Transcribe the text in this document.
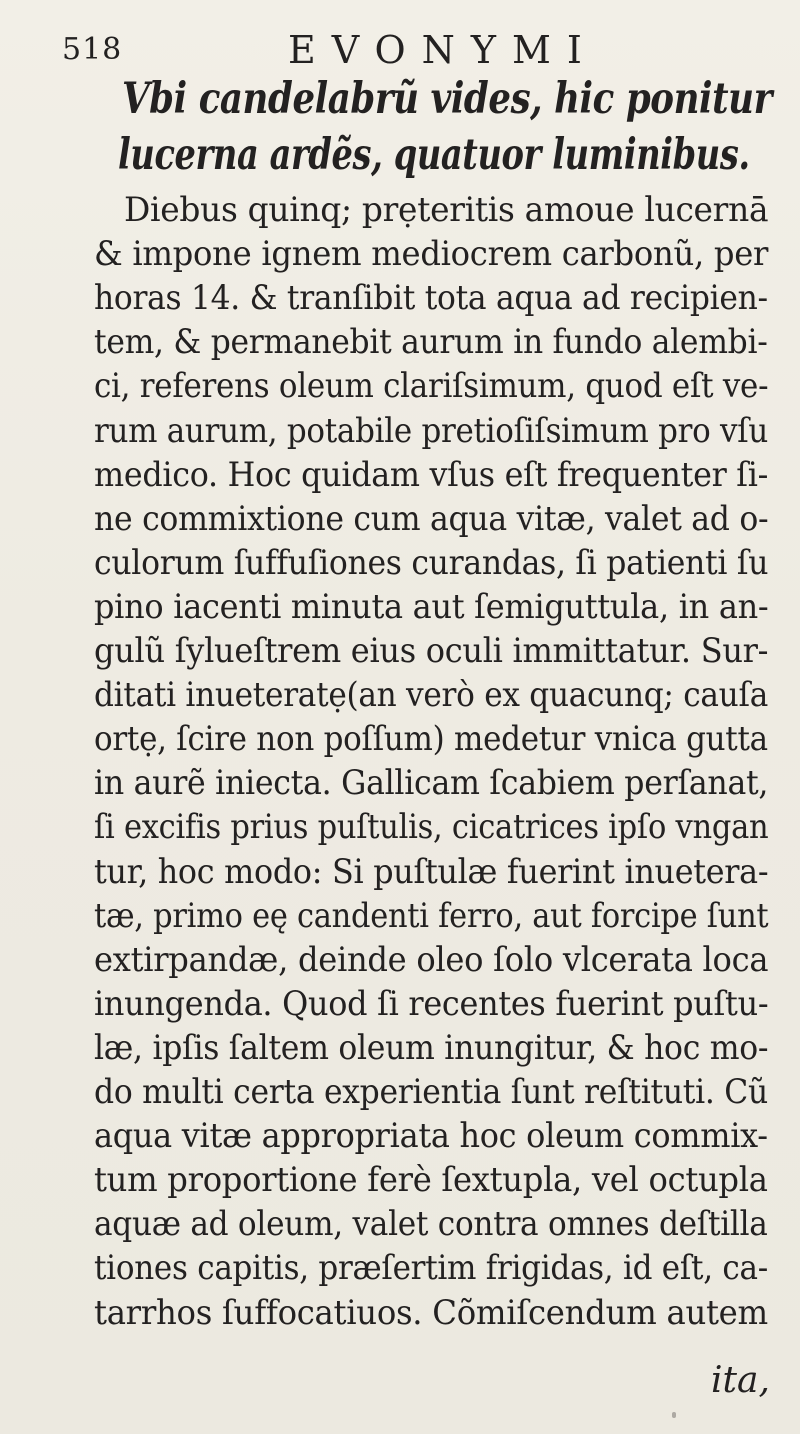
518	EVONYMI
Vbi candelabrũ vides, hic ponitur
lucerna ardẽs, quatuor luminibus.
Diebus quinq; prẹteritis amoue lucernā
& impone ignem mediocrem carbonũ, per
horas 14. & tranſibit tota aqua ad recipien-
tem, & permanebit aurum in fundo alembi-
ci, referens oleum clariſsimum, quod eſt ve-
rum aurum, potabile pretioſiſsimum pro vſu
medico. Hoc quidam vſus eſt frequenter ſi-
ne commixtione cum aqua vitæ, valet ad o-
culorum ſuffuſiones curandas, ſi patienti ſu
pino iacenti minuta aut ſemiguttula, in an-
gulũ ſylueſtrem eius oculi immittatur. Sur-
ditati inueteratẹ(an verò ex quacunq; cauſa
ortẹ, ſcire non poſſum) medetur vnica gutta
in aurẽ iniecta. Gallicam ſcabiem perſanat,
ſi excifis prius puſtulis, cicatrices ipſo vngan
tur, hoc modo: Si puſtulæ fuerint inuetera-
tæ, primo eę candenti ferro, aut forcipe ſunt
extirpandæ, deinde oleo ſolo vlcerata loca
inungenda. Quod ſi recentes fuerint puſtu-
læ, ipſis ſaltem oleum inungitur, & hoc mo-
do multi certa experientia ſunt reſtituti. Cũ
aqua vitæ appropriata hoc oleum commix-
tum proportione ferè ſextupla, vel octupla
aquæ ad oleum, valet contra omnes deſtilla
tiones capitis, præſertim frigidas, id eſt, ca-
tarrhos ſuffocatiuos. Cõmiſcendum autem
ita,
